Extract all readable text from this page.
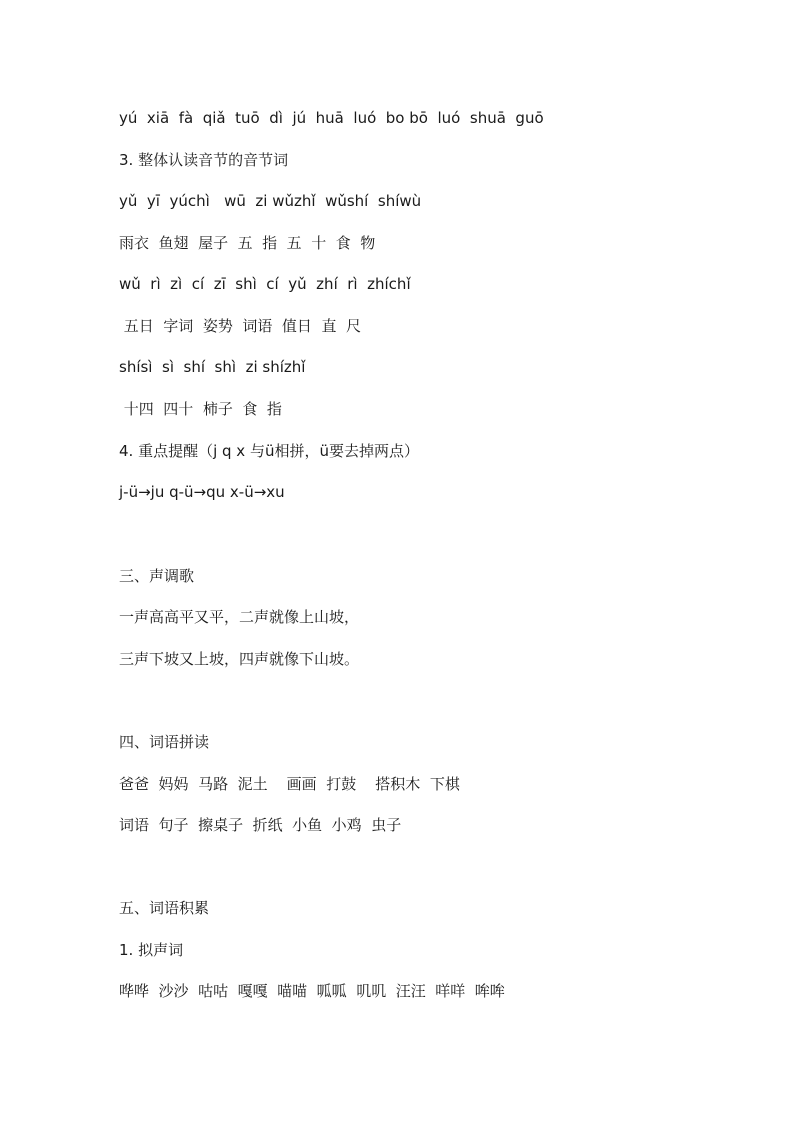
yú  xiā  fà  qiǎ  tuō  dì  jú  huā  luó  bo bō  luó  shuā  guō
3. 整体认读音节的音节词
yǔ  yī  yúchì   wū  zi wǔzhǐ  wǔshí  shíwù
雨衣  鱼翅  屋子  五  指  五  十  食  物
wǔ  rì  zì  cí  zī  shì  cí  yǔ  zhí  rì  zhíchǐ
五日  字词  姿势  词语  值日  直  尺
shísì  sì  shí  shì  zi shízhǐ
十四  四十  柿子  食  指
4. 重点提醒（j q x 与ü相拼，ü要去掉两点）
j-ü→ju q-ü→qu x-ü→xu
三、声调歌
一声高高平又平，二声就像上山坡，
三声下坡又上坡，四声就像下山坡。
四、词语拼读
爸爸  妈妈  马路  泥土    画画  打鼓    搭积木  下棋
词语  句子  擦桌子  折纸  小鱼  小鸡  虫子
五、词语积累
1. 拟声词
哗哗  沙沙  咕咕  嘎嘎  喵喵  呱呱  叽叽  汪汪  咩咩  哞哞
